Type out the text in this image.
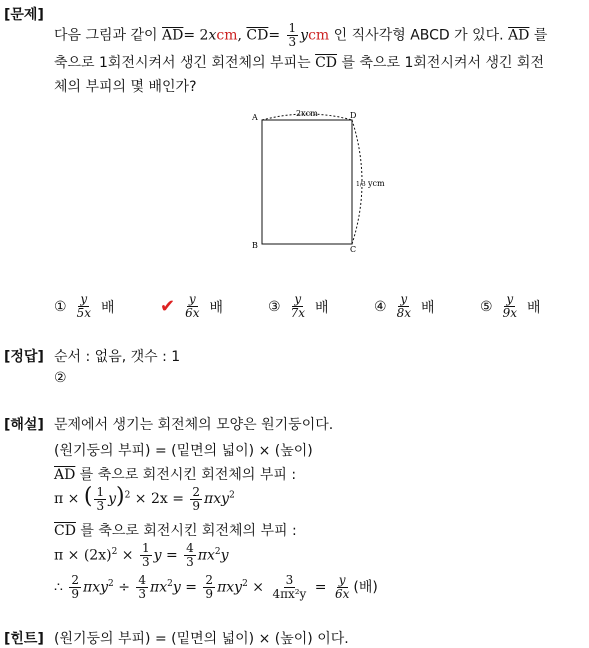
[문제]
다음 그림과 같이 $\overline{AD}= 2xcm$, $\overline{CD}= \frac{1}{3}$ ycm 인 직사각형 ABCD 가 있다. $\overline{AD}$ 를
축으로 1회전시켜서 생긴 회전체의 부피는 $\overline{CD}$ 를 축으로 1회전시켜서 생긴 회전
체의 부피의 몇 배인가?
A
B	C
D
2xcm
ycm
1/3
① $\frac{y}{5x}$ 배	✔ $\frac{y}{6x}$ 배	③ $\frac{y}{7x}$ 배	④ $\frac{y}{8x}$ 배	⑤ $\frac{y}{9x}$ 배
[정답] 순서 : 없음, 갯수 : 1
②
[해설] 문제에서 생기는 회전체의 모양은 원기둥이다.
(원기둥의 부피) = (밑면의 넓이) × (높이)
$\overline{AD}$ 를 축으로 회전시킨 회전체의 부피 :
π × ( $\frac{1}{3} y)^2 \times 2x = \frac{2}{9} \pi xy^2$
$\overline{CD}$ 를 축으로 회전시킨 회전체의 부피 :
$\pi \times (2x)^2 \times \frac{1}{3}$ $y = \frac{4}{3} \pi x^2y$
∴ $\frac{2}{9} \pi xy^2 \div \frac{4}{3} \pi x^2y = \frac{2}{9} \pi xy^2 \times \frac{3}{\text{4πx²y}} = \frac{y}{6x}$ (배)
[힌트] (원기둥의 부피) = (밑면의 넓이) × (높이) 이다.
